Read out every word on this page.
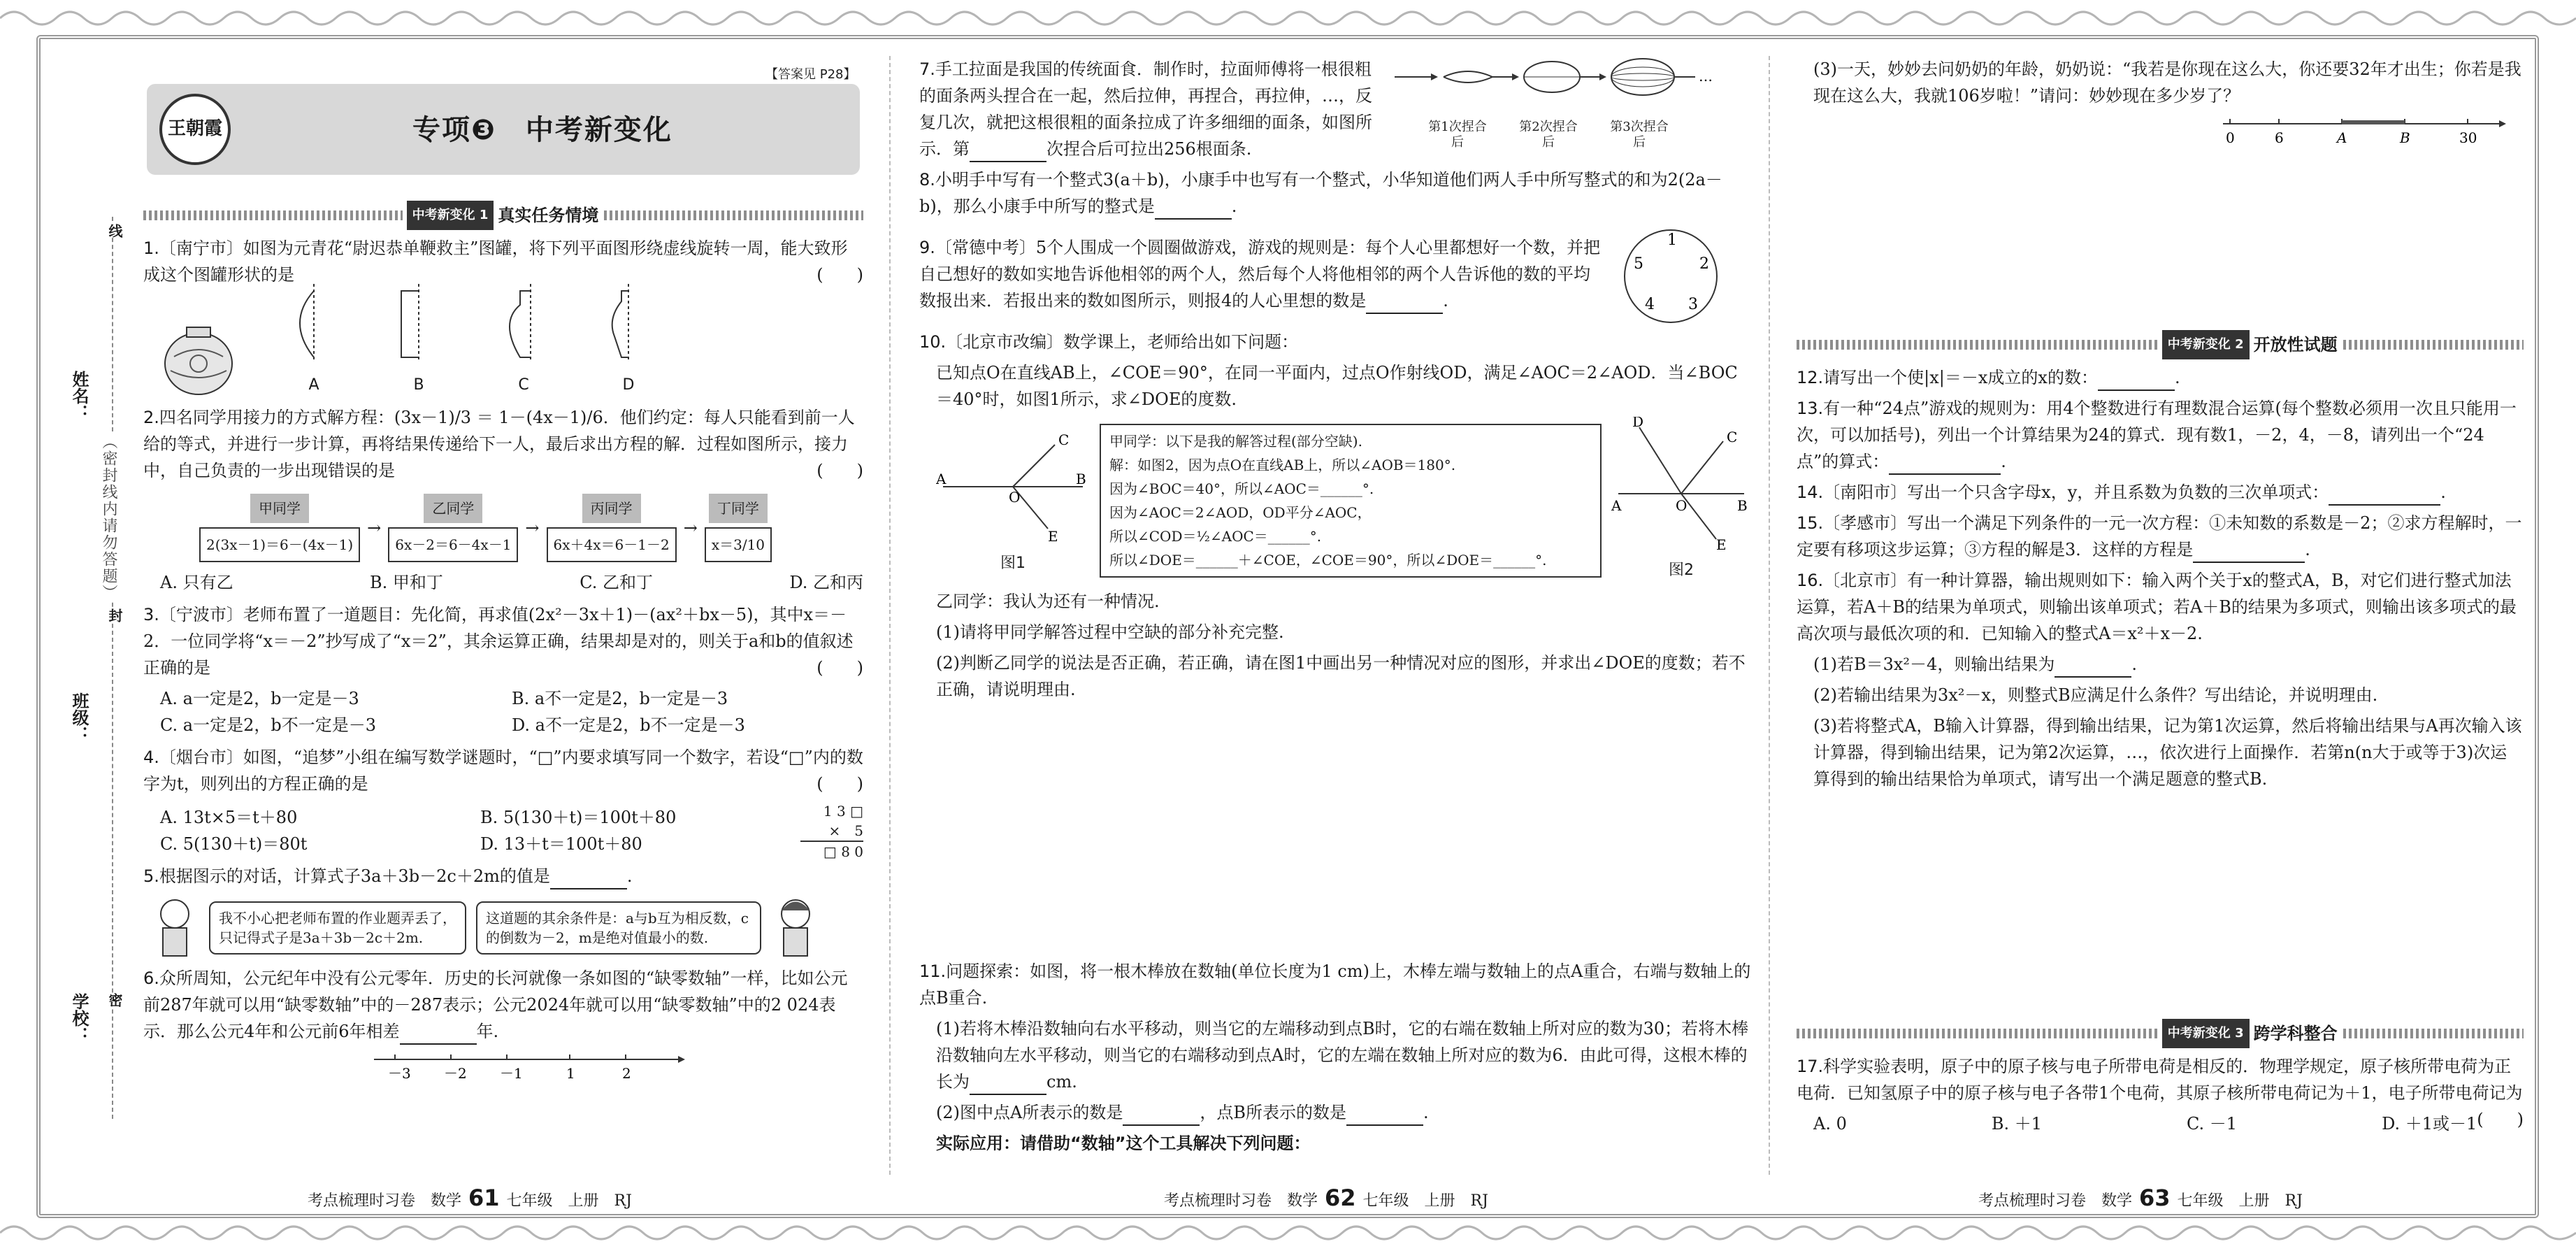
姓名：
班级：
学校：
线
封
密
（密封线内请勿答题）
【答案见 P28】
王朝霞	专项❸　中考新变化
中考新变化 1 真实任务情境
1.〔南宁市〕如图为元青花“尉迟恭单鞭救主”图罐，将下列平面图形绕虚线旋转一周，能大致形成这个图罐形状的是	(　　)
A	B	C	D
2.四名同学用接力的方式解方程：(3x－1)/3 ＝ 1－(4x－1)/6．他们约定：每人只能看到前一人给的等式，并进行一步计算，再将结果传递给下一人，最后求出方程的解．过程如图所示，接力中，自己负责的一步出现错误的是	(　　)
甲同学
2(3x－1)＝6－(4x－1)
→
乙同学
6x－2＝6－4x－1
→
丙同学
6x＋4x＝6－1－2
→
丁同学
x＝3/10
A. 只有乙	B. 甲和丁	C. 乙和丁	D. 乙和丙
3.〔宁波市〕老师布置了一道题目：先化简，再求值(2x²－3x＋1)－(ax²＋bx－5)，其中x＝－2．一位同学将“x＝－2”抄写成了“x＝2”，其余运算正确，结果却是对的，则关于a和b的值叙述正确的是	(　　)
A. a一定是2，b一定是－3	B. a不一定是2，b一定是－3
C. a一定是2，b不一定是－3	D. a不一定是2，b不一定是－3
4.〔烟台市〕如图，“追梦”小组在编写数学谜题时，“□”内要求填写同一个数字，若设“□”内的数字为t，则列出的方程正确的是	(　　)
A. 13t×5＝t＋80	B. 5(130＋t)＝100t＋80
C. 5(130＋t)＝80t	D. 13＋t＝100t＋80
1 3 □
×　5
□ 8 0
5.根据图示的对话，计算式子3a＋3b－2c＋2m的值是	.
我不小心把老师布置的作业题弄丢了，只记得式子是3a＋3b－2c＋2m.
这道题的其余条件是：a与b互为相反数，c的倒数为－2，m是绝对值最小的数.
6.众所周知，公元纪年中没有公元零年．历史的长河就像一条如图的“缺零数轴”一样，比如公元前287年就可以用“缺零数轴”中的－287表示；公元2024年就可以用“缺零数轴”中的2 024表示．那么公元4年和公元前6年相差	年.
－3 －2 －1	1	2
7.手工拉面是我国的传统面食．制作时，拉面师傅将一根很粗的面条两头捏合在一起，然后拉伸，再捏合，再拉伸，…，反复几次，就把这根很粗的面条拉成了许多细细的面条，如图所示．第	次捏合后可拉出256根面条.
…
第1次捏合后
第2次捏合后
第3次捏合后
8.小明手中写有一个整式3(a＋b)，小康手中也写有一个整式，小华知道他们两人手中所写整式的和为2(2a－b)，那么小康手中所写的整式是	.
9.〔常德中考〕5个人围成一个圆圈做游戏，游戏的规则是：每个人心里都想好一个数，并把自己想好的数如实地告诉他相邻的两个人，然后每个人将他相邻的两个人告诉他的数的平均数报出来．若报出来的数如图所示，则报4的人心里想的数是	.
1
2
3
4
5
10.〔北京市改编〕数学课上，老师给出如下问题：
已知点O在直线AB上，∠COE＝90°，在同一平面内，过点O作射线OD，满足∠AOC＝2∠AOD．当∠BOC＝40°时，如图1所示，求∠DOE的度数.
A	B
C
E
O
图1
甲同学：以下是我的解答过程(部分空缺).
解：如图2，因为点O在直线AB上，所以∠AOB＝180°.
因为∠BOC＝40°，所以∠AOC＝______°.
因为∠AOC＝2∠AOD，OD平分∠AOC，
所以∠COD＝½∠AOC＝______°.
所以∠DOE＝______＋∠COE，∠COE＝90°，所以∠DOE＝______°.
A	B
D
C
E
O
图2
乙同学：我认为还有一种情况.
(1)请将甲同学解答过程中空缺的部分补充完整.
(2)判断乙同学的说法是否正确，若正确，请在图1中画出另一种情况对应的图形，并求出∠DOE的度数；若不正确，请说明理由.
11.问题探索：如图，将一根木棒放在数轴(单位长度为1 cm)上，木棒左端与数轴上的点A重合，右端与数轴上的点B重合.
(1)若将木棒沿数轴向右水平移动，则当它的左端移动到点B时，它的右端在数轴上所对应的数为30；若将木棒沿数轴向左水平移动，则当它的右端移动到点A时，它的左端在数轴上所对应的数为6．由此可得，这根木棒的长为	cm.
(2)图中点A所表示的数是	，点B所表示的数是	.
实际应用：请借助“数轴”这个工具解决下列问题：
(3)一天，妙妙去问奶奶的年龄，奶奶说：“我若是你现在这么大，你还要32年才出生；你若是我现在这么大，我就106岁啦！”请问：妙妙现在多少岁了？
0	6	A	B	30
中考新变化 2 开放性试题
12.请写出一个使|x|＝－x成立的x的数：	.
13.有一种“24点”游戏的规则为：用4个整数进行有理数混合运算(每个整数必须用一次且只能用一次，可以加括号)，列出一个计算结果为24的算式．现有数1，－2，4，－8，请列出一个“24点”的算式：	.
14.〔南阳市〕写出一个只含字母x，y，并且系数为负数的三次单项式：	.
15.〔孝感市〕写出一个满足下列条件的一元一次方程：①未知数的系数是－2；②求方程解时，一定要有移项这步运算；③方程的解是3．这样的方程是	.
16.〔北京市〕有一种计算器，输出规则如下：输入两个关于x的整式A，B，对它们进行整式加法运算，若A＋B的结果为单项式，则输出该单项式；若A＋B的结果为多项式，则输出该多项式的最高次项与最低次项的和．已知输入的整式A＝x²＋x－2.
(1)若B＝3x²－4，则输出结果为	.
(2)若输出结果为3x²－x，则整式B应满足什么条件？写出结论，并说明理由.
(3)若将整式A，B输入计算器，得到输出结果，记为第1次运算，然后将输出结果与A再次输入该计算器，得到输出结果，记为第2次运算，…，依次进行上面操作．若第n(n大于或等于3)次运算得到的输出结果恰为单项式，请写出一个满足题意的整式B.
中考新变化 3 跨学科整合
17.科学实验表明，原子中的原子核与电子所带电荷是相反的．物理学规定，原子核所带电荷为正电荷．已知氢原子中的原子核与电子各带1个电荷，其原子核所带电荷记为＋1，电子所带电荷记为
(　　)
A. 0	B. ＋1	C. －1	D. ＋1或－1
考点梳理时习卷　数学 61 七年级　上册　RJ	考点梳理时习卷　数学 62 七年级　上册　RJ	考点梳理时习卷　数学 63 七年级　上册　RJ
